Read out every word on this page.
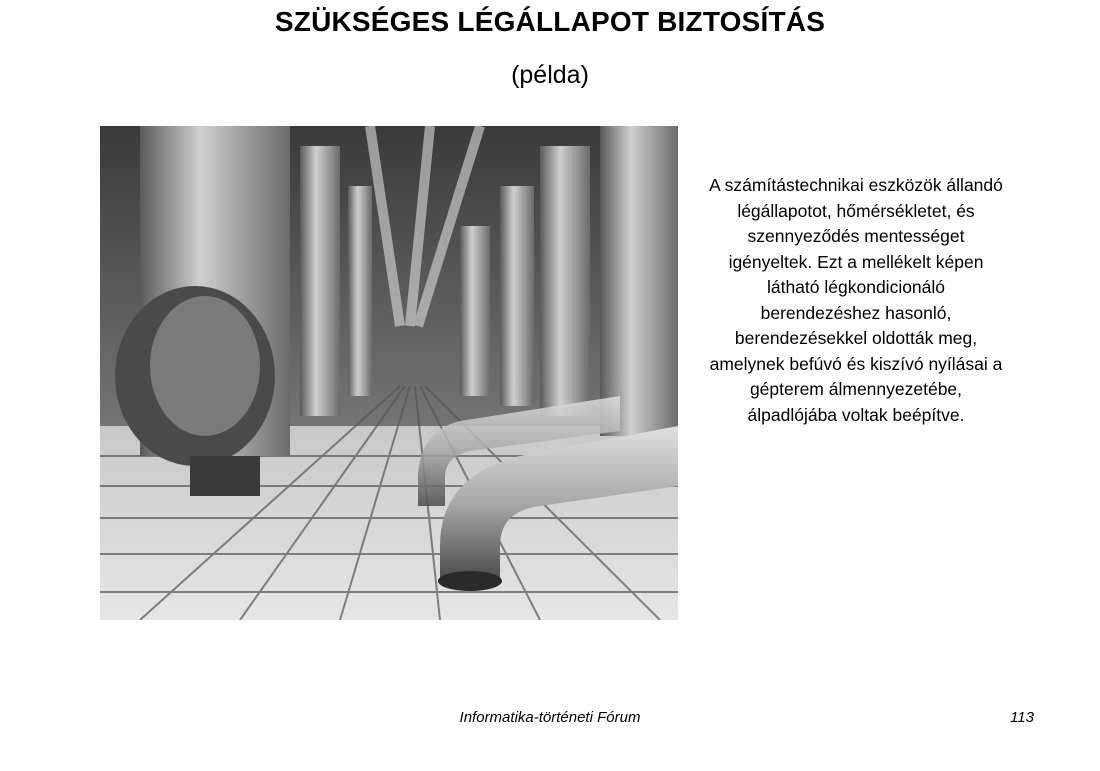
SZÜKSÉGES LÉGÁLLAPOT BIZTOSÍTÁS
(példa)
A számítástechnikai eszközök állandó légállapotot, hőmérsékletet, és szennyeződés mentességet igényeltek. Ezt a mellékelt képen látható légkondicionáló berendezéshez hasonló, berendezésekkel oldották meg, amelynek befúvó és kiszívó nyílásai a gépterem álmennyezetébe, álpadlójába voltak beépítve.
Informatika-történeti Fórum	113
